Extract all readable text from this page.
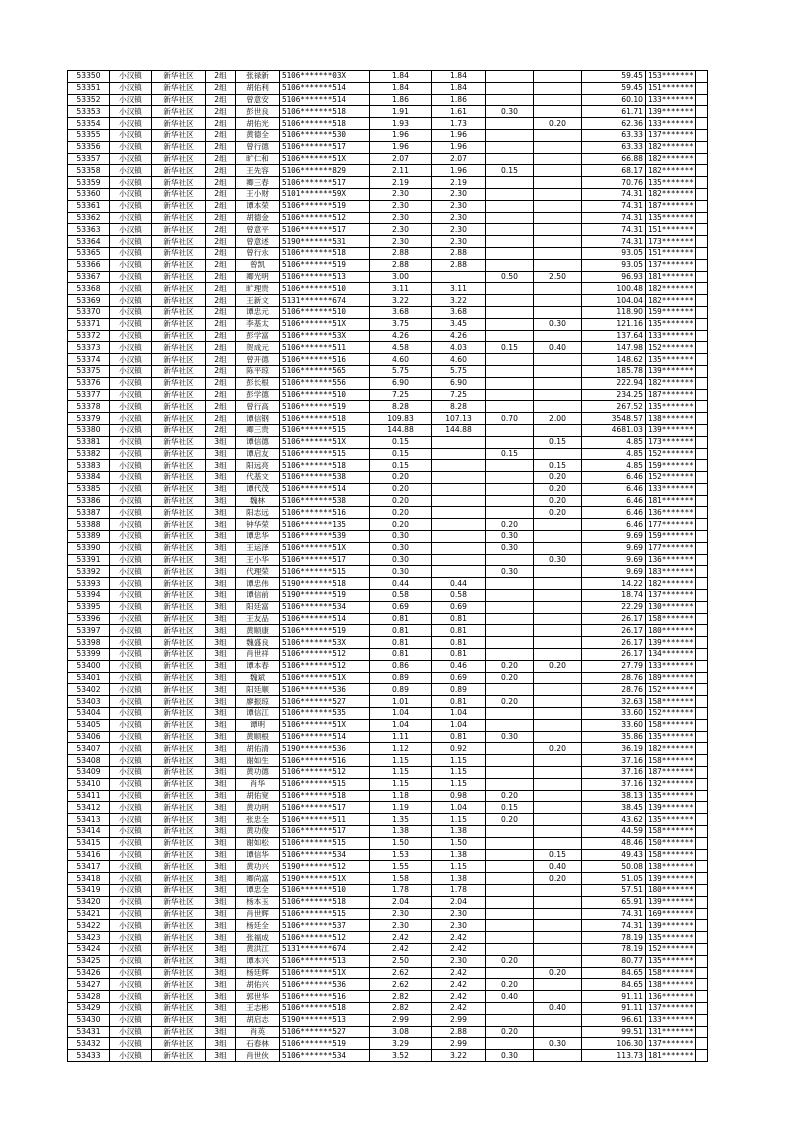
53350	小汉镇	新华社区	2组	张禄新	5106*******03X	1.84	1.84			59.45	153*******	
53351	小汉镇	新华社区	2组	胡佑利	5106*******514	1.84	1.84			59.45	151*******	
53352	小汉镇	新华社区	2组	曾意安	5106*******514	1.86	1.86			60.10	133*******	
53353	小汉镇	新华社区	2组	彭世良	5106*******518	1.91	1.61	0.30		61.71	139*******	
53354	小汉镇	新华社区	2组	胡佑光	5106*******518	1.93	1.73		0.20	62.36	133*******	
53355	小汉镇	新华社区	2组	黄德全	5106*******530	1.96	1.96			63.33	137*******	
53356	小汉镇	新华社区	2组	曾行德	5106*******517	1.96	1.96			63.33	182*******	
53357	小汉镇	新华社区	2组	旷仁和	5106*******51X	2.07	2.07			66.88	182*******	
53358	小汉镇	新华社区	2组	王先容	5106*******829	2.11	1.96	0.15		68.17	182*******	
53359	小汉镇	新华社区	2组	卿三春	5106*******517	2.19	2.19			70.76	135*******	
53360	小汉镇	新华社区	2组	王小财	5101*******59X	2.30	2.30			74.31	182*******	
53361	小汉镇	新华社区	2组	谭本荣	5106*******519	2.30	2.30			74.31	187*******	
53362	小汉镇	新华社区	2组	胡德金	5106*******512	2.30	2.30			74.31	135*******	
53363	小汉镇	新华社区	2组	曾意平	5106*******517	2.30	2.30			74.31	151*******	
53364	小汉镇	新华社区	2组	曾意述	5190*******531	2.30	2.30			74.31	173*******	
53365	小汉镇	新华社区	2组	曾行永	5106*******518	2.88	2.88			93.05	151*******	
53366	小汉镇	新华社区	2组	曾凯	5106*******519	2.88	2.88			93.05	137*******	
53367	小汉镇	新华社区	2组	卿光明	5106*******513	3.00		0.50	2.50	96.93	181*******	
53368	小汉镇	新华社区	2组	旷理贵	5106*******510	3.11	3.11			100.48	182*******	
53369	小汉镇	新华社区	2组	王新文	5131*******674	3.22	3.22			104.04	182*******	
53370	小汉镇	新华社区	2组	谭忠元	5106*******510	3.68	3.68			118.90	159*******	
53371	小汉镇	新华社区	2组	李基太	5106*******51X	3.75	3.45		0.30	121.16	135*******	
53372	小汉镇	新华社区	2组	彭学富	5106*******53X	4.26	4.26			137.64	133*******	
53373	小汉镇	新华社区	2组	贺成元	5106*******511	4.58	4.03	0.15	0.40	147.98	152*******	
53374	小汉镇	新华社区	2组	曾开德	5106*******516	4.60	4.60			148.62	135*******	
53375	小汉镇	新华社区	2组	陈平琼	5106*******565	5.75	5.75			185.78	139*******	
53376	小汉镇	新华社区	2组	彭长根	5106*******556	6.90	6.90			222.94	182*******	
53377	小汉镇	新华社区	2组	彭学德	5106*******510	7.25	7.25			234.25	187*******	
53378	小汉镇	新华社区	2组	曾行高	5106*******519	8.28	8.28			267.52	135*******	
53379	小汉镇	新华社区	2组	谭信钢	5106*******518	109.83	107.13	0.70	2.00	3548.57	138*******	
53380	小汉镇	新华社区	2组	卿三贵	5106*******515	144.88	144.88			4681.03	139*******	
53381	小汉镇	新华社区	3组	谭信德	5106*******51X	0.15			0.15	4.85	173*******	
53382	小汉镇	新华社区	3组	谭启友	5106*******515	0.15		0.15		4.85	152*******	
53383	小汉镇	新华社区	3组	阳远亮	5106*******518	0.15			0.15	4.85	159*******	
53384	小汉镇	新华社区	3组	代基文	5106*******538	0.20			0.20	6.46	152*******	
53385	小汉镇	新华社区	3组	谭代茂	5106*******514	0.20			0.20	6.46	133*******	
53386	小汉镇	新华社区	3组	魏林	5106*******538	0.20			0.20	6.46	181*******	
53387	小汉镇	新华社区	3组	阳志远	5106*******516	0.20			0.20	6.46	136*******	
53388	小汉镇	新华社区	3组	钟华荣	5106*******135	0.20		0.20		6.46	177*******	
53389	小汉镇	新华社区	3组	谭忠华	5106*******539	0.30		0.30		9.69	159*******	
53390	小汉镇	新华社区	3组	王运泽	5106*******51X	0.30		0.30		9.69	177*******	
53391	小汉镇	新华社区	3组	王小华	5106*******517	0.30			0.30	9.69	136*******	
53392	小汉镇	新华社区	3组	代理荣	5106*******515	0.30		0.30		9.69	183*******	
53393	小汉镇	新华社区	3组	谭忠伟	5190*******518	0.44	0.44			14.22	182*******	
53394	小汉镇	新华社区	3组	谭信前	5190*******519	0.58	0.58			18.74	137*******	
53395	小汉镇	新华社区	3组	阳廷富	5106*******534	0.69	0.69			22.29	130*******	
53396	小汉镇	新华社区	3组	王友品	5106*******514	0.81	0.81			26.17	158*******	
53397	小汉镇	新华社区	3组	黄顺康	5106*******519	0.81	0.81			26.17	180*******	
53398	小汉镇	新华社区	3组	魏盛良	5106*******53X	0.81	0.81			26.17	139*******	
53399	小汉镇	新华社区	3组	肖世祥	5106*******512	0.81	0.81			26.17	134*******	
53400	小汉镇	新华社区	3组	谭本春	5106*******512	0.86	0.46	0.20	0.20	27.79	133*******	
53401	小汉镇	新华社区	3组	魏斌	5106*******51X	0.89	0.69	0.20		28.76	189*******	
53402	小汉镇	新华社区	3组	阳廷顺	5106*******536	0.89	0.89			28.76	152*******	
53403	小汉镇	新华社区	3组	廖振琼	5106*******527	1.01	0.81	0.20		32.63	158*******	
53404	小汉镇	新华社区	3组	谭信江	5106*******535	1.04	1.04			33.60	152*******	
53405	小汉镇	新华社区	3组	谭明	5106*******51X	1.04	1.04			33.60	158*******	
53406	小汉镇	新华社区	3组	黄顺根	5106*******514	1.11	0.81	0.30		35.86	135*******	
53407	小汉镇	新华社区	3组	胡佑清	5190*******536	1.12	0.92		0.20	36.19	182*******	
53408	小汉镇	新华社区	3组	谢如生	5106*******516	1.15	1.15			37.16	158*******	
53409	小汉镇	新华社区	3组	黄功德	5106*******512	1.15	1.15			37.16	187*******	
53410	小汉镇	新华社区	3组	肖华	5106*******515	1.15	1.15			37.16	132*******	
53411	小汉镇	新华社区	3组	胡佑宽	5106*******518	1.18	0.98	0.20		38.13	135*******	
53412	小汉镇	新华社区	3组	黄功明	5106*******517	1.19	1.04	0.15		38.45	139*******	
53413	小汉镇	新华社区	3组	张忠全	5106*******511	1.35	1.15	0.20		43.62	135*******	
53414	小汉镇	新华社区	3组	黄功俊	5106*******517	1.38	1.38			44.59	158*******	
53415	小汉镇	新华社区	3组	谢如松	5106*******515	1.50	1.50			48.46	150*******	
53416	小汉镇	新华社区	3组	谭信华	5106*******534	1.53	1.38		0.15	49.43	158*******	
53417	小汉镇	新华社区	3组	黄功兴	5190*******512	1.55	1.15		0.40	50.08	138*******	
53418	小汉镇	新华社区	3组	卿尚富	5190*******51X	1.58	1.38		0.20	51.05	139*******	
53419	小汉镇	新华社区	3组	谭忠全	5106*******510	1.78	1.78			57.51	180*******	
53420	小汉镇	新华社区	3组	杨本玉	5106*******518	2.04	2.04			65.91	139*******	
53421	小汉镇	新华社区	3组	肖世辉	5106*******515	2.30	2.30			74.31	169*******	
53422	小汉镇	新华社区	3组	杨廷全	5106*******537	2.30	2.30			74.31	139*******	
53423	小汉镇	新华社区	3组	张福成	5106*******512	2.42	2.42			78.19	135*******	
53424	小汉镇	新华社区	3组	黄洪江	5131*******674	2.42	2.42			78.19	152*******	
53425	小汉镇	新华社区	3组	谭本兴	5106*******513	2.50	2.30	0.20		80.77	135*******	
53426	小汉镇	新华社区	3组	杨廷辉	5106*******51X	2.62	2.42		0.20	84.65	158*******	
53427	小汉镇	新华社区	3组	胡佑兴	5106*******536	2.62	2.42	0.20		84.65	138*******	
53428	小汉镇	新华社区	3组	郭世华	5106*******516	2.82	2.42	0.40		91.11	136*******	
53429	小汉镇	新华社区	3组	王志彬	5106*******518	2.82	2.42		0.40	91.11	137*******	
53430	小汉镇	新华社区	3组	胡启志	5190*******513	2.99	2.99			96.61	133*******	
53431	小汉镇	新华社区	3组	肖英	5106*******527	3.08	2.88	0.20		99.51	131*******	
53432	小汉镇	新华社区	3组	石春林	5106*******519	3.29	2.99		0.30	106.30	137*******	
53433	小汉镇	新华社区	3组	肖世伙	5106*******534	3.52	3.22	0.30		113.73	181*******	
